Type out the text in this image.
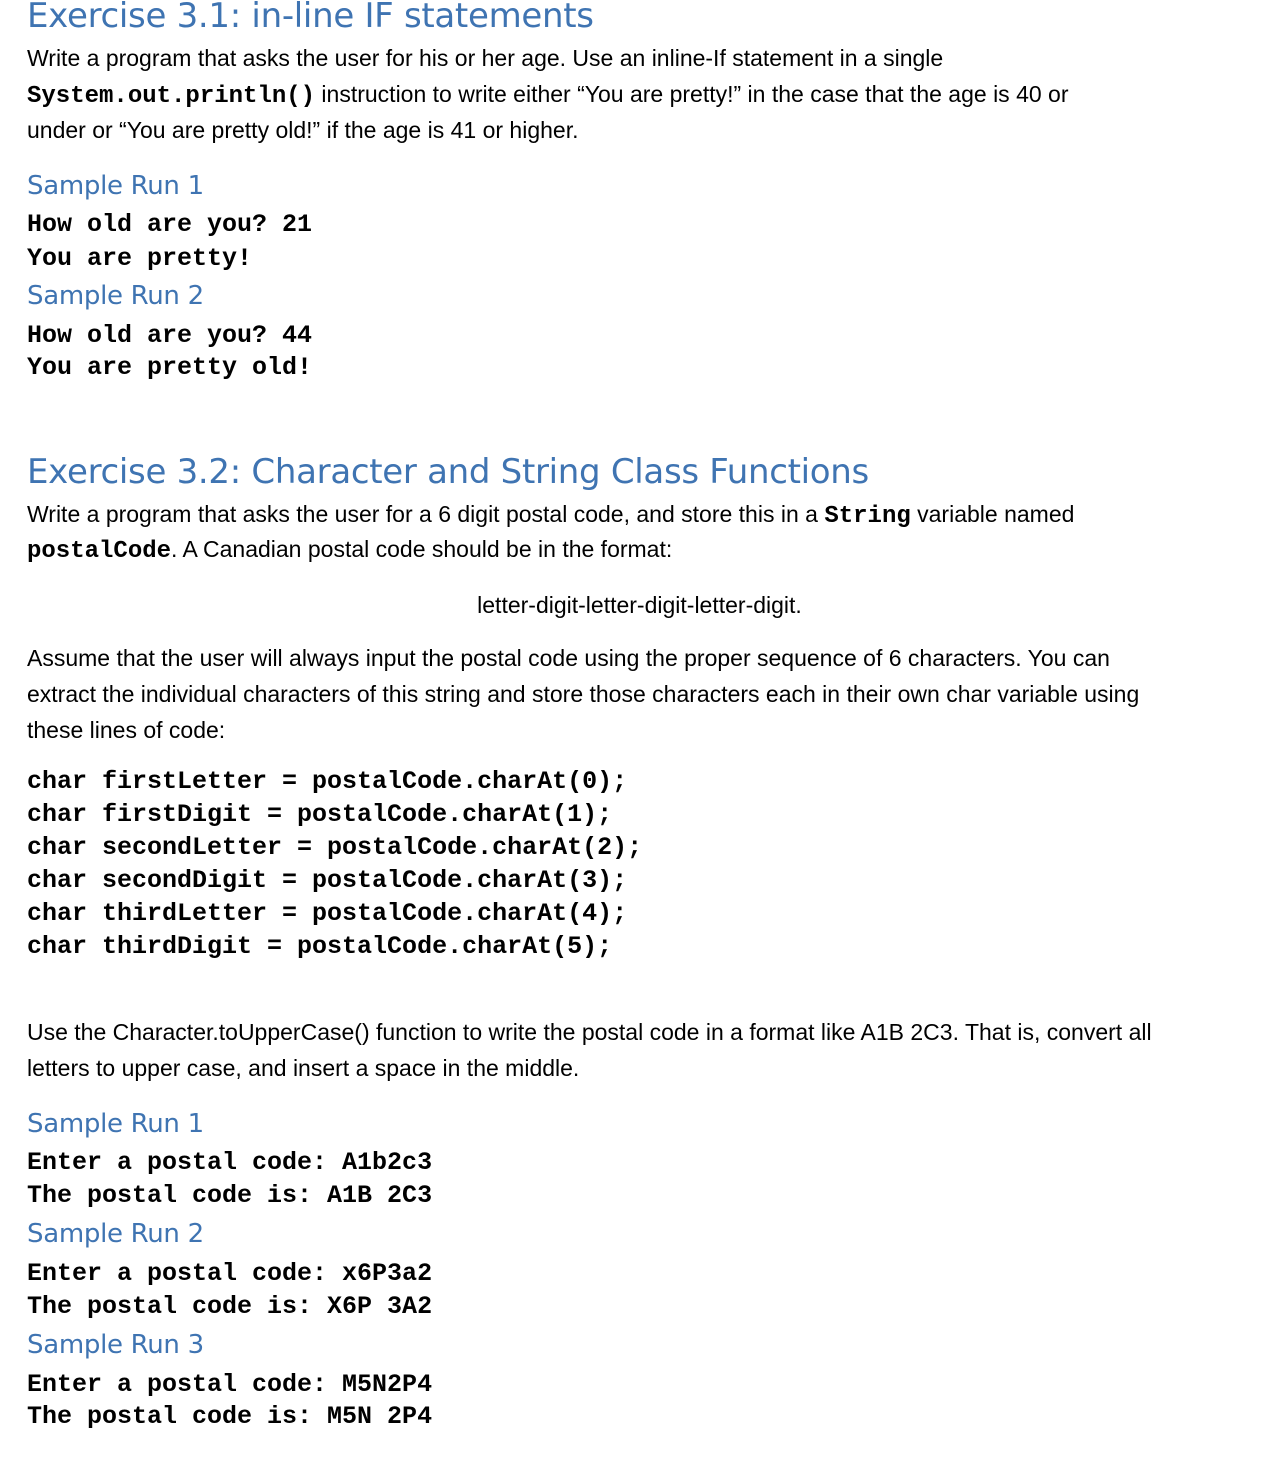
Exercise 3.1: in-line IF statements

Write a program that asks the user for his or her age. Use an inline-If statement in a single

System.out.println() instruction to write either “You are pretty!” in the case that the age is 40 or

under or “You are pretty old!” if the age is 41 or higher.

Sample Run 1

How old are you? 21

You are pretty!

Sample Run 2

How old are you? 44

You are pretty old!

Exercise 3.2: Character and String Class Functions

Write a program that asks the user for a 6 digit postal code, and store this in a String variable named

postalCode. A Canadian postal code should be in the format:

letter-digit-letter-digit-letter-digit.

Assume that the user will always input the postal code using the proper sequence of 6 characters. You can

extract the individual characters of this string and store those characters each in their own char variable using

these lines of code:

char firstLetter = postalCode.charAt(0);

char firstDigit = postalCode.charAt(1);

char secondLetter = postalCode.charAt(2);

char secondDigit = postalCode.charAt(3);

char thirdLetter = postalCode.charAt(4);

char thirdDigit = postalCode.charAt(5);

Use the Character.toUpperCase() function to write the postal code in a format like A1B 2C3. That is, convert all

letters to upper case, and insert a space in the middle.

Sample Run 1

Enter a postal code: A1b2c3

The postal code is: A1B 2C3

Sample Run 2

Enter a postal code: x6P3a2

The postal code is: X6P 3A2

Sample Run 3

Enter a postal code: M5N2P4

The postal code is: M5N 2P4
